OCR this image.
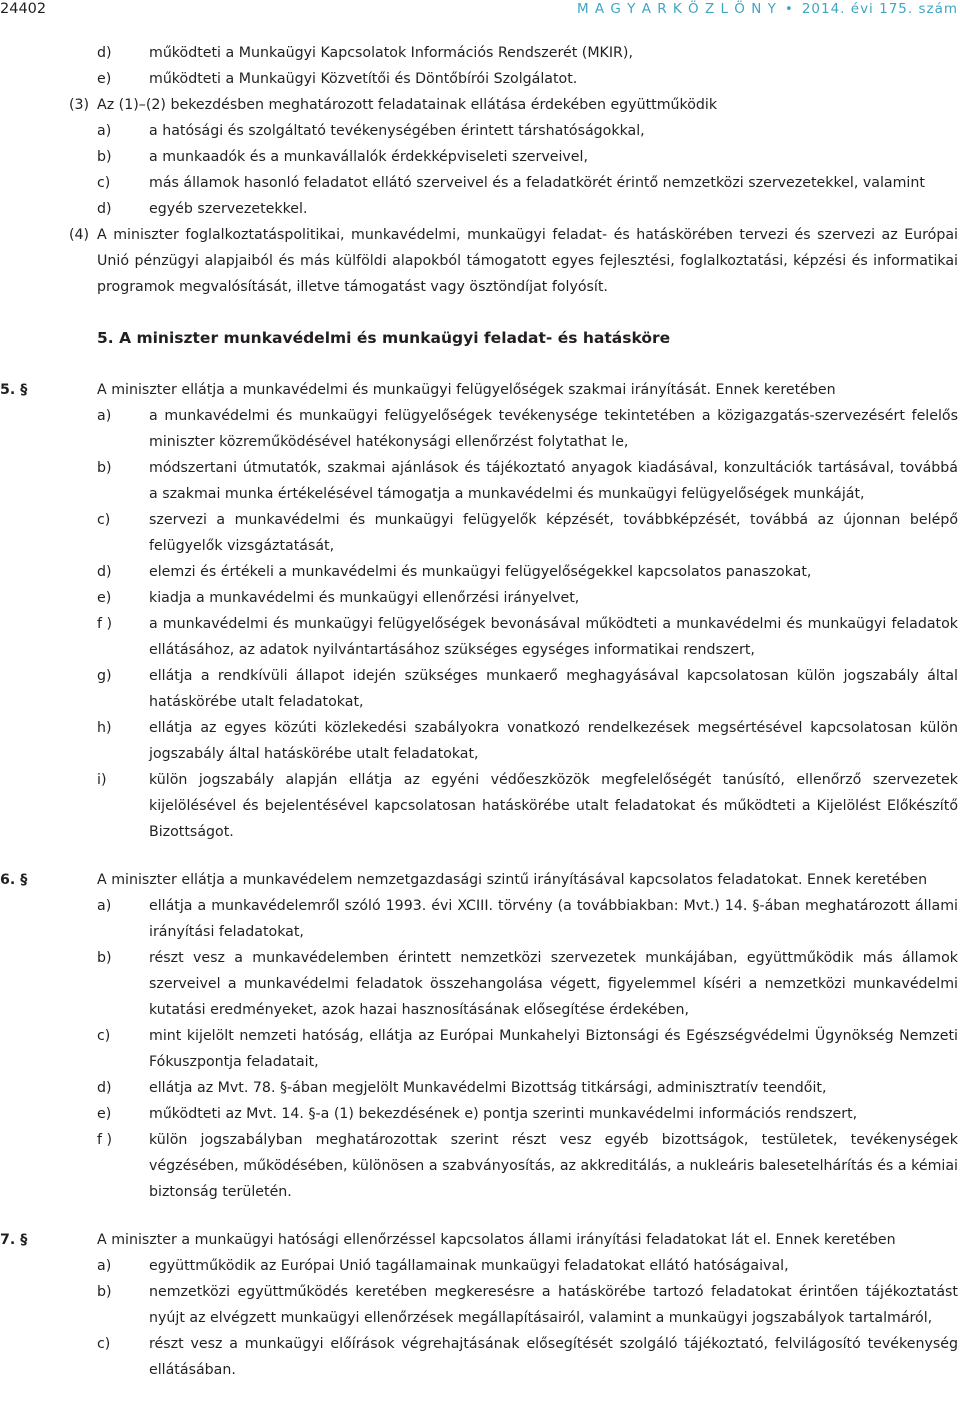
24402	M A G Y A R K Ö Z L Ö N Y • 2014. évi 175. szám
d)	működteti a Munkaügyi Kapcsolatok Információs Rendszerét (MKIR),
e)	működteti a Munkaügyi Közvetítői és Döntőbírói Szolgálatot.
(3) Az (1)–(2) bekezdésben meghatározott feladatainak ellátása érdekében együttműködik
a)	a hatósági és szolgáltató tevékenységében érintett társhatóságokkal,
b)	a munkaadók és a munkavállalók érdekképviseleti szerveivel,
c)	más államok hasonló feladatot ellátó szerveivel és a feladatkörét érintő nemzetközi szervezetekkel, valamint
d)	egyéb szervezetekkel.
(4) A miniszter foglalkoztatáspolitikai, munkavédelmi, munkaügyi feladat- és hatáskörében tervezi és szervezi az Európai Unió pénzügyi alapjaiból és más külföldi alapokból támogatott egyes fejlesztési, foglalkoztatási, képzési és informatikai programok megvalósítását, illetve támogatást vagy ösztöndíjat folyósít.
5. A miniszter munkavédelmi és munkaügyi feladat- és hatásköre
5. §	A miniszter ellátja a munkavédelmi és munkaügyi felügyelőségek szakmai irányítását. Ennek keretében
a)	a munkavédelmi és munkaügyi felügyelőségek tevékenysége tekintetében a közigazgatás-szervezésért felelős miniszter közreműködésével hatékonysági ellenőrzést folytathat le,
b)	módszertani útmutatók, szakmai ajánlások és tájékoztató anyagok kiadásával, konzultációk tartásával, továbbá a szakmai munka értékelésével támogatja a munkavédelmi és munkaügyi felügyelőségek munkáját,
c)	szervezi a munkavédelmi és munkaügyi felügyelők képzését, továbbképzését, továbbá az újonnan belépő felügyelők vizsgáztatását,
d)	elemzi és értékeli a munkavédelmi és munkaügyi felügyelőségekkel kapcsolatos panaszokat,
e)	kiadja a munkavédelmi és munkaügyi ellenőrzési irányelvet,
f )	a munkavédelmi és munkaügyi felügyelőségek bevonásával működteti a munkavédelmi és munkaügyi feladatok ellátásához, az adatok nyilvántartásához szükséges egységes informatikai rendszert,
g)	ellátja a rendkívüli állapot idején szükséges munkaerő meghagyásával kapcsolatosan külön jogszabály által hatáskörébe utalt feladatokat,
h)	ellátja az egyes közúti közlekedési szabályokra vonatkozó rendelkezések megsértésével kapcsolatosan külön jogszabály által hatáskörébe utalt feladatokat,
i)	külön jogszabály alapján ellátja az egyéni védőeszközök megfelelőségét tanúsító, ellenőrző szervezetek kijelölésével és bejelentésével kapcsolatosan hatáskörébe utalt feladatokat és működteti a Kijelölést Előkészítő Bizottságot.
6. §	A miniszter ellátja a munkavédelem nemzetgazdasági szintű irányításával kapcsolatos feladatokat. Ennek keretében
a)	ellátja a munkavédelemről szóló 1993. évi XCIII. törvény (a továbbiakban: Mvt.) 14. §-ában meghatározott állami irányítási feladatokat,
b)	részt vesz a munkavédelemben érintett nemzetközi szervezetek munkájában, együttműködik más államok szerveivel a munkavédelmi feladatok összehangolása végett, figyelemmel kíséri a nemzetközi munkavédelmi kutatási eredményeket, azok hazai hasznosításának elősegítése érdekében,
c)	mint kijelölt nemzeti hatóság, ellátja az Európai Munkahelyi Biztonsági és Egészségvédelmi Ügynökség Nemzeti Fókuszpontja feladatait,
d)	ellátja az Mvt. 78. §-ában megjelölt Munkavédelmi Bizottság titkársági, adminisztratív teendőit,
e)	működteti az Mvt. 14. §-a (1) bekezdésének e) pontja szerinti munkavédelmi információs rendszert,
f )	külön jogszabályban meghatározottak szerint részt vesz egyéb bizottságok, testületek, tevékenységek végzésében, működésében, különösen a szabványosítás, az akkreditálás, a nukleáris balesetelhárítás és a kémiai biztonság területén.
7. §	A miniszter a munkaügyi hatósági ellenőrzéssel kapcsolatos állami irányítási feladatokat lát el. Ennek keretében
a)	együttműködik az Európai Unió tagállamainak munkaügyi feladatokat ellátó hatóságaival,
b)	nemzetközi együttműködés keretében megkeresésre a hatáskörébe tartozó feladatokat érintően tájékoztatást nyújt az elvégzett munkaügyi ellenőrzések megállapításairól, valamint a munkaügyi jogszabályok tartalmáról,
c)	részt vesz a munkaügyi előírások végrehajtásának elősegítését szolgáló tájékoztató, felvilágosító tevékenység ellátásában.
